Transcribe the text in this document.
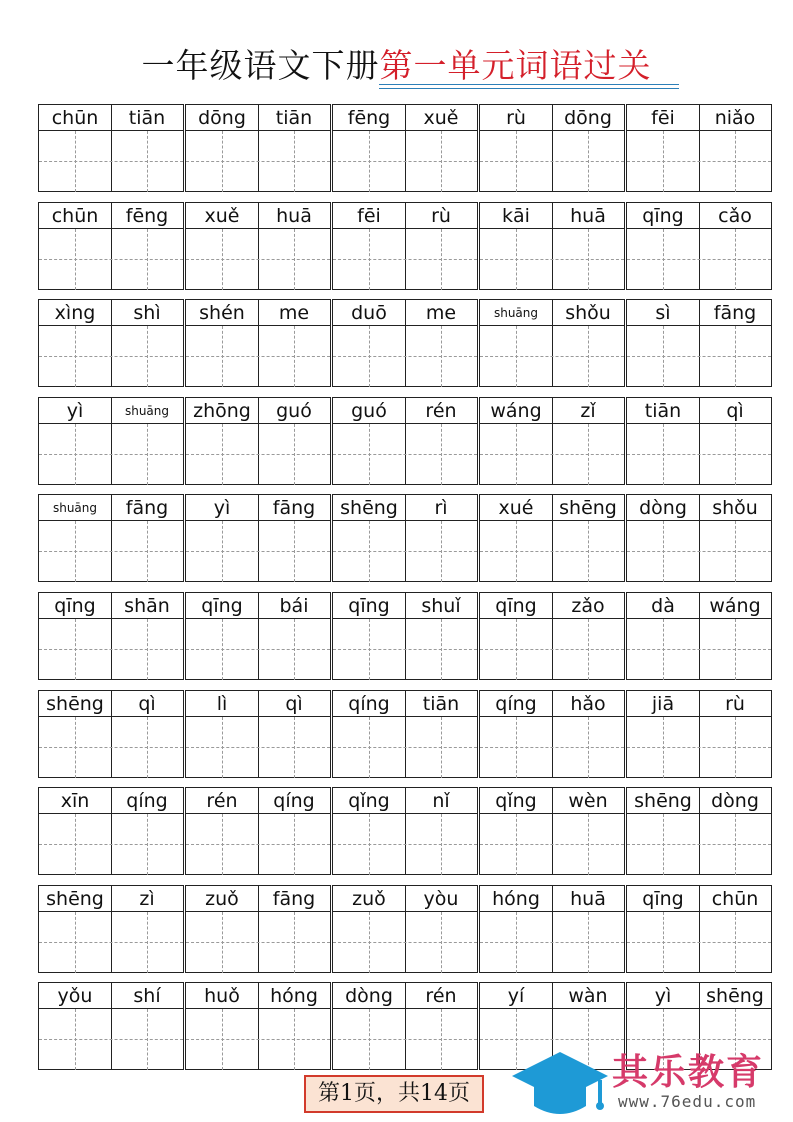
一年级语文下册第一单元词语过关
chūn	tiān	dōng	tiān	fēng	xuě	rù	dōng	fēi	niǎo
chūn	fēng	xuě	huā	fēi	rù	kāi	huā	qīng	cǎo
xìng	shì	shén	me	duō	me	shuāng	shǒu	sì	fāng
yì	shuāng	zhōng	guó	guó	rén	wáng	zǐ	tiān	qì
shuāng	fāng	yì	fāng	shēng	rì	xué	shēng	dòng	shǒu
qīng	shān	qīng	bái	qīng	shuǐ	qīng	zǎo	dà	wáng
shēng	qì	lì	qì	qíng	tiān	qíng	hǎo	jiā	rù
xīn	qíng	rén	qíng	qǐng	nǐ	qǐng	wèn	shēng	dòng
shēng	zì	zuǒ	fāng	zuǒ	yòu	hóng	huā	qīng	chūn
yǒu	shí	huǒ	hóng	dòng	rén	yí	wàn	yì	shēng
第1页，共14页
其乐教育
www.76edu.com
